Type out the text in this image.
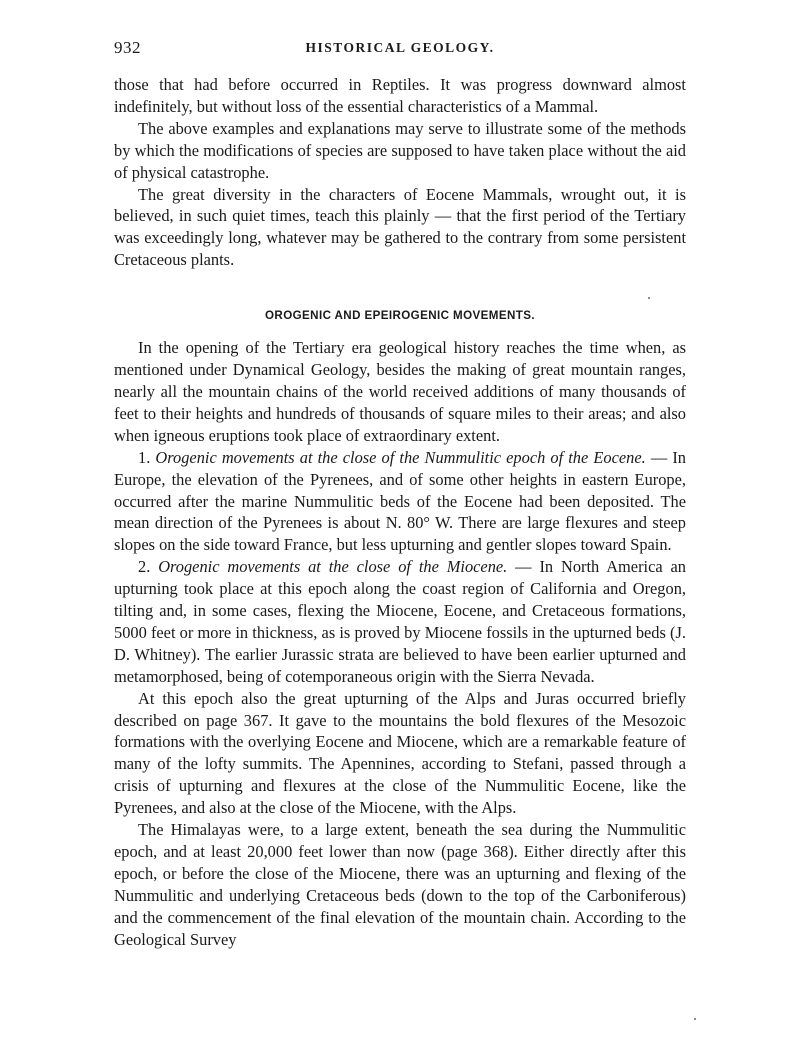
932	HISTORICAL GEOLOGY.

those that had before occurred in Reptiles. It was progress downward almost indefinitely, but without loss of the essential characteristics of a Mammal.

The above examples and explanations may serve to illustrate some of the methods by which the modifications of species are supposed to have taken place without the aid of physical catastrophe.

The great diversity in the characters of Eocene Mammals, wrought out, it is believed, in such quiet times, teach this plainly — that the first period of the Tertiary was exceedingly long, whatever may be gathered to the contrary from some persistent Cretaceous plants.

OROGENIC AND EPEIROGENIC MOVEMENTS.

In the opening of the Tertiary era geological history reaches the time when, as mentioned under Dynamical Geology, besides the making of great mountain ranges, nearly all the mountain chains of the world received additions of many thousands of feet to their heights and hundreds of thousands of square miles to their areas; and also when igneous eruptions took place of extraordinary extent.

1. Orogenic movements at the close of the Nummulitic epoch of the Eocene. — In Europe, the elevation of the Pyrenees, and of some other heights in eastern Europe, occurred after the marine Nummulitic beds of the Eocene had been deposited. The mean direction of the Pyrenees is about N. 80° W. There are large flexures and steep slopes on the side toward France, but less upturning and gentler slopes toward Spain.

2. Orogenic movements at the close of the Miocene. — In North America an upturning took place at this epoch along the coast region of California and Oregon, tilting and, in some cases, flexing the Miocene, Eocene, and Cretaceous formations, 5000 feet or more in thickness, as is proved by Miocene fossils in the upturned beds (J. D. Whitney). The earlier Jurassic strata are believed to have been earlier upturned and metamorphosed, being of cotemporaneous origin with the Sierra Nevada.

At this epoch also the great upturning of the Alps and Juras occurred briefly described on page 367. It gave to the mountains the bold flexures of the Mesozoic formations with the overlying Eocene and Miocene, which are a remarkable feature of many of the lofty summits. The Apennines, according to Stefani, passed through a crisis of upturning and flexures at the close of the Nummulitic Eocene, like the Pyrenees, and also at the close of the Miocene, with the Alps.

The Himalayas were, to a large extent, beneath the sea during the Nummulitic epoch, and at least 20,000 feet lower than now (page 368). Either directly after this epoch, or before the close of the Miocene, there was an upturning and flexing of the Nummulitic and underlying Cretaceous beds (down to the top of the Carboniferous) and the commencement of the final elevation of the mountain chain. According to the Geological Survey
